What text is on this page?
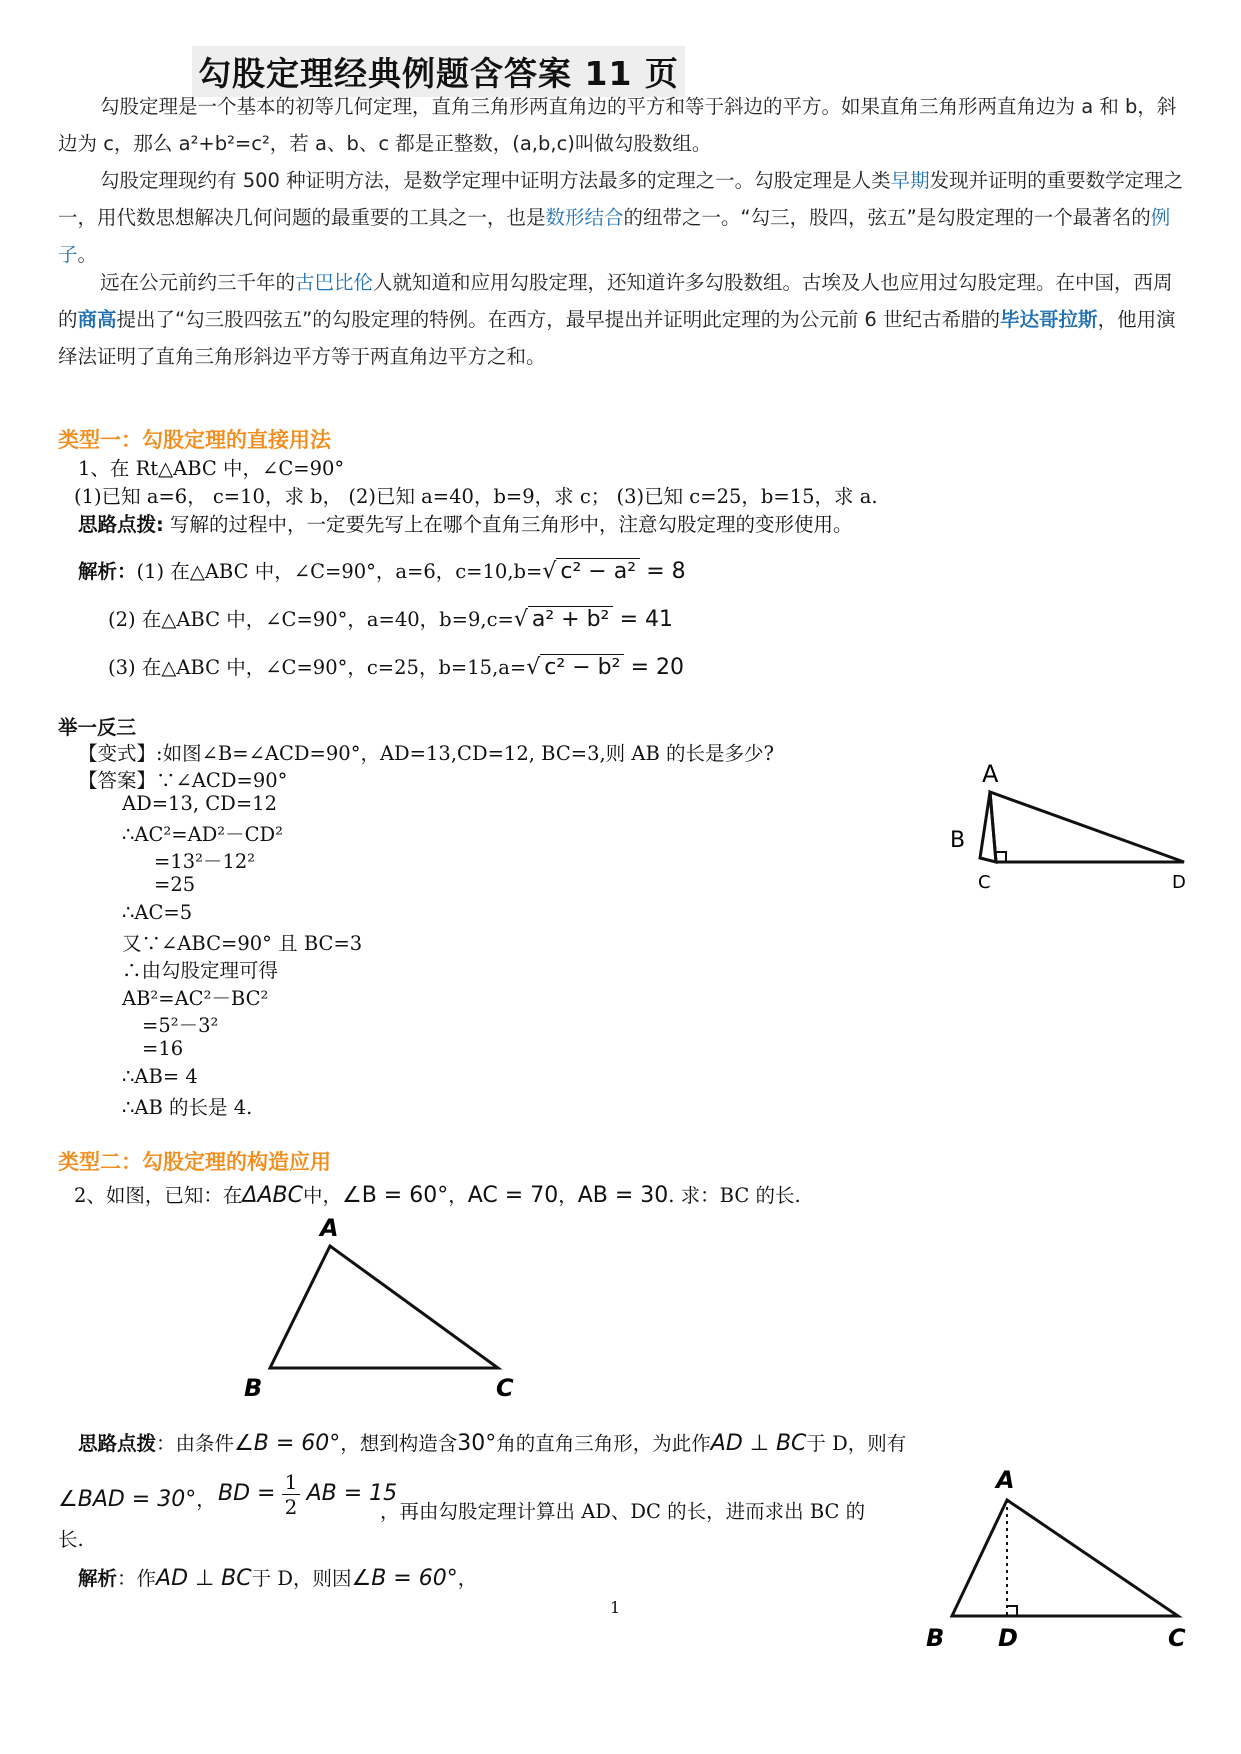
勾股定理经典例题含答案 11 页
勾股定理是一个基本的初等几何定理，直角三角形两直角边的平方和等于斜边的平方。如果直角三角形两直角边为 a 和 b，斜边为 c，那么 a²+b²=c²，若 a、b、c 都是正整数，(a,b,c)叫做勾股数组。
勾股定理现约有 500 种证明方法，是数学定理中证明方法最多的定理之一。勾股定理是人类早期发现并证明的重要数学定理之一，用代数思想解决几何问题的最重要的工具之一，也是数形结合的纽带之一。“勾三，股四，弦五”是勾股定理的一个最著名的例子。
远在公元前约三千年的古巴比伦人就知道和应用勾股定理，还知道许多勾股数组。古埃及人也应用过勾股定理。在中国，西周的商高提出了“勾三股四弦五”的勾股定理的特例。在西方，最早提出并证明此定理的为公元前 6 世纪古希腊的毕达哥拉斯，他用演绎法证明了直角三角形斜边平方等于两直角边平方之和。
类型一：勾股定理的直接用法
1、在 Rt△ABC 中，∠C=90°
(1)已知 a=6， c=10，求 b， (2)已知 a=40，b=9，求 c； (3)已知 c=25，b=15，求 a.
思路点拨: 写解的过程中，一定要先写上在哪个直角三角形中，注意勾股定理的变形使用。
解析：(1) 在△ABC 中，∠C=90°，a=6，c=10,b=√ c² − a² = 8
(2) 在△ABC 中，∠C=90°，a=40，b=9,c=√ a² + b² = 41
(3) 在△ABC 中，∠C=90°，c=25，b=15,a=√ c² − b² = 20
举一反三
【变式】:如图∠B=∠ACD=90°，AD=13,CD=12, BC=3,则 AB 的长是多少?
【答案】∵∠ACD=90°
AD=13, CD=12
∴AC²=AD²－CD²
=13²－12²
=25
∴AC=5
又∵∠ABC=90° 且 BC=3
∴由勾股定理可得
AB²=AC²－BC²
=5²－3²
=16
∴AB= 4
∴AB 的长是 4.
A
B
C	D
类型二：勾股定理的构造应用
2、如图，已知：在ΔABC中，∠B = 60°，AC = 70，AB = 30. 求：BC 的长.
A
B	C
思路点拨：由条件∠B = 60°，想到构造含30°角的直角三角形，为此作AD ⊥ BC于 D，则有
∠BAD = 30°， BD = $\frac{1}{2}$ AB = 15
，再由勾股定理计算出 AD、DC 的长，进而求出 BC 的
长.
解析：作AD ⊥ BC于 D，则因∠B = 60°，
A
B D	C
1
